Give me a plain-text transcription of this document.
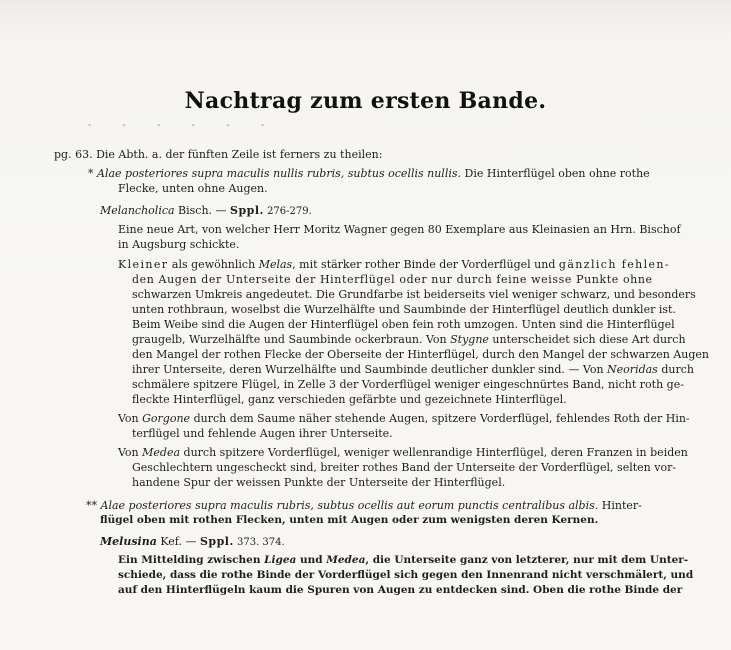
Nachtrag zum ersten Bande.
- - - - - -
pg. 63. Die Abth. a. der fünften Zeile ist ferners zu theilen:
* Alae posteriores supra maculis nullis rubris, subtus ocellis nullis. Die Hinterflügel oben ohne rothe
Flecke, unten ohne Augen.
Melancholica Bisch. — Sppl. 276-279.
Eine neue Art, von welcher Herr Moritz Wagner gegen 80 Exemplare aus Kleinasien an Hrn. Bischof
in Augsburg schickte.
Kleiner als gewöhnlich Melas, mit stärker rother Binde der Vorderflügel und gänzlich fehlen-
den Augen der Unterseite der Hinterflügel oder nur durch feine weisse Punkte ohne
schwarzen Umkreis angedeutet. Die Grundfarbe ist beiderseits viel weniger schwarz, und besonders
unten rothbraun, woselbst die Wurzelhälfte und Saumbinde der Hinterflügel deutlich dunkler ist.
Beim Weibe sind die Augen der Hinterflügel oben fein roth umzogen. Unten sind die Hinterflügel
graugelb, Wurzelhälfte und Saumbinde ockerbraun. Von Stygne unterscheidet sich diese Art durch
den Mangel der rothen Flecke der Oberseite der Hinterflügel, durch den Mangel der schwarzen Augen
ihrer Unterseite, deren Wurzelhälfte und Saumbinde deutlicher dunkler sind. — Von Neoridas durch
schmälere spitzere Flügel, in Zelle 3 der Vorderflügel weniger eingeschnürtes Band, nicht roth ge-
fleckte Hinterflügel, ganz verschieden gefärbte und gezeichnete Hinterflügel.
Von Gorgone durch dem Saume näher stehende Augen, spitzere Vorderflügel, fehlendes Roth der Hin-
terflügel und fehlende Augen ihrer Unterseite.
Von Medea durch spitzere Vorderflügel, weniger wellenrandige Hinterflügel, deren Franzen in beiden
Geschlechtern ungescheckt sind, breiter rothes Band der Unterseite der Vorderflügel, selten vor-
handene Spur der weissen Punkte der Unterseite der Hinterflügel.
** Alae posteriores supra maculis rubris, subtus ocellis aut eorum punctis centralibus albis. Hinter-
flügel oben mit rothen Flecken, unten mit Augen oder zum wenigsten deren Kernen.
Melusina Kef. — Sppl. 373. 374.
Ein Mittelding zwischen Ligea und Medea, die Unterseite ganz von letzterer, nur mit dem Unter-
schiede, dass die rothe Binde der Vorderflügel sich gegen den Innenrand nicht verschmälert, und
auf den Hinterflügeln kaum die Spuren von Augen zu entdecken sind. Oben die rothe Binde der
